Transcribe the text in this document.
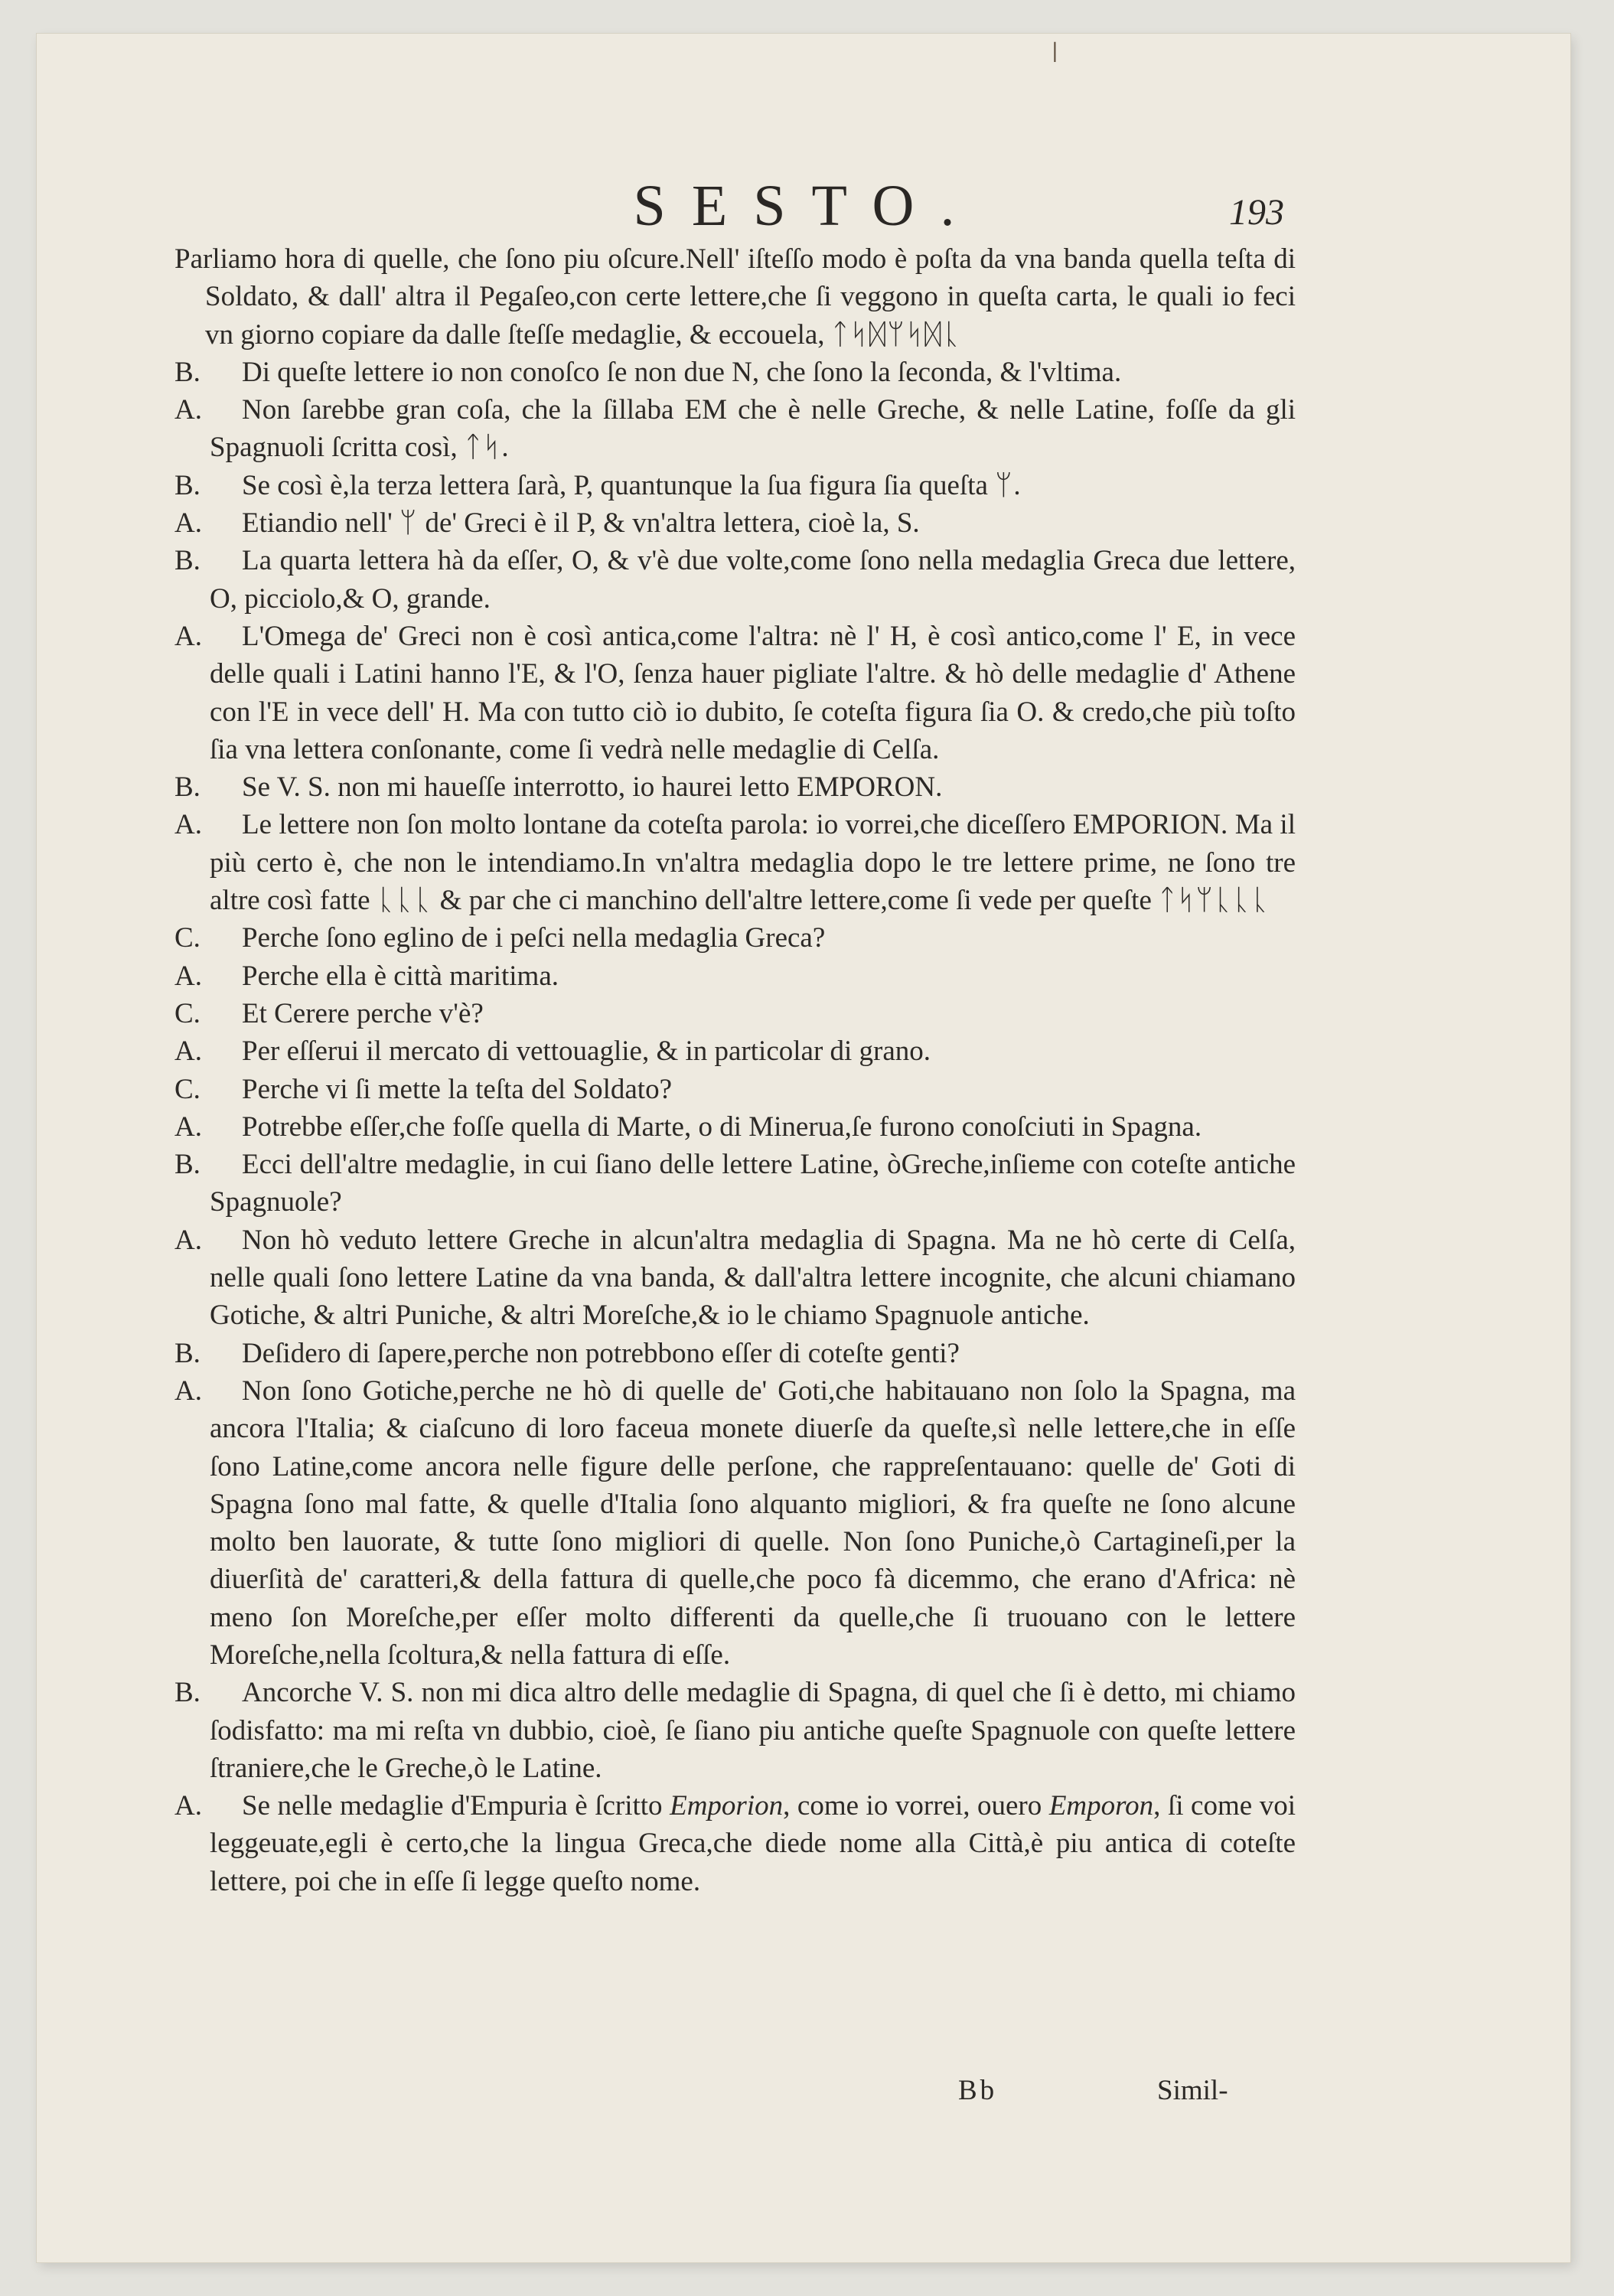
|
SESTO.	193

Parliamo hora di quelle, che ſono piu oſcure.Nell' iſteſſo modo è poſta da vna banda quella teſta di Soldato, & dall' altra il Pegaſeo,con certe lettere,che ſi veggono in queſta carta, le quali io feci vn giorno copiare da dalle ſteſſe medaglie, & eccouela, ᛏᛋᛞᛘᛋᛞᚳ

B. Di queſte lettere io non conoſco ſe non due N, che ſono la ſeconda, & l'vltima.

A. Non ſarebbe gran coſa, che la ſillaba EM che è nelle Greche, & nelle Latine, foſſe da gli Spagnuoli ſcritta così, ᛏᛋ.

B. Se così è,la terza lettera ſarà, P, quantunque la ſua figura ſia queſta ᛘ.

A. Etiandio nell' ᛘ de' Greci è il P, & vn'altra lettera, cioè la, S.

B. La quarta lettera hà da eſſer, O, & v'è due volte,come ſono nella medaglia Greca due lettere, O, picciolo,& O, grande.

A. L'Omega de' Greci non è così antica,come l'altra: nè l' H, è così antico,come l' E, in vece delle quali i Latini hanno l'E, & l'O, ſenza hauer pigliate l'altre. & hò delle medaglie d' Athene con l'E in vece dell' H. Ma con tutto ciò io dubito, ſe coteſta figura ſia O. & credo,che più toſto ſia vna lettera conſonante, come ſi vedrà nelle medaglie di Celſa.

B. Se V. S. non mi haueſſe interrotto, io haurei letto EMPORON.

A. Le lettere non ſon molto lontane da coteſta parola: io vorrei,che diceſſero EMPORION. Ma il più certo è, che non le intendiamo.In vn'altra medaglia dopo le tre lettere prime, ne ſono tre altre così fatte ᚳᚳᚳ & par che ci manchino dell'altre lettere,come ſi vede per queſte ᛏᛋᛘᚳᚳᚳ

C. Perche ſono eglino de i peſci nella medaglia Greca?

A. Perche ella è città maritima.

C. Et Cerere perche v'è?

A. Per eſſerui il mercato di vettouaglie, & in particolar di grano.

C. Perche vi ſi mette la teſta del Soldato?

A. Potrebbe eſſer,che foſſe quella di Marte, o di Mineruа,ſe furono conoſciuti in Spagna.

B. Ecci dell'altre medaglie, in cui ſiano delle lettere Latine, òGreche,inſieme con coteſte antiche Spagnuole?

A. Non hò veduto lettere Greche in alcun'altra medaglia di Spagna. Ma ne hò certe di Celſa, nelle quali ſono lettere Latine da vna banda, & dall'altra lettere incognite, che alcuni chiamano Gotiche, & altri Puniche, & altri Moreſche,& io le chiamo Spagnuole antiche.

B. Deſidero di ſapere,perche non potrebbono eſſer di coteſte genti?

A. Non ſono Gotiche,perche ne hò di quelle de' Goti,che habitauano non ſolo la Spagna, ma ancora l'Italia; & ciaſcuno di loro faceua monete diuerſe da queſte,sì nelle lettere,che in eſſe ſono Latine,come ancora nelle figure delle perſone, che rappreſentauano: quelle de' Goti di Spagna ſono mal fatte, & quelle d'Italia ſono alquanto migliori, & fra queſte ne ſono alcune molto ben lauorate, & tutte ſono migliori di quelle. Non ſono Puniche,ò Cartagineſi,per la diuerſità de' caratteri,& della fattura di quelle,che poco fà dicemmo, che erano d'Africa: nè meno ſon Moreſche,per eſſer molto differenti da quelle,che ſi truouano con le lettere Moreſche,nella ſcoltura,& nella fattura di eſſe.

B. Ancorche V. S. non mi dica altro delle medaglie di Spagna, di quel che ſi è detto, mi chiamo ſodisfatto: ma mi reſta vn dubbio, cioè, ſe ſiano piu antiche queſte Spagnuole con queſte lettere ſtraniere,che le Greche,ò le Latine.

A. Se nelle medaglie d'Empuria è ſcritto Emporion, come io vorrei, ouero Emporon, ſi come voi leggeuate,egli è certo,che la lingua Greca,che diede nome alla Città,è piu antica di coteſte lettere, poi che in eſſe ſi legge queſto nome.

Bb	Simil-
